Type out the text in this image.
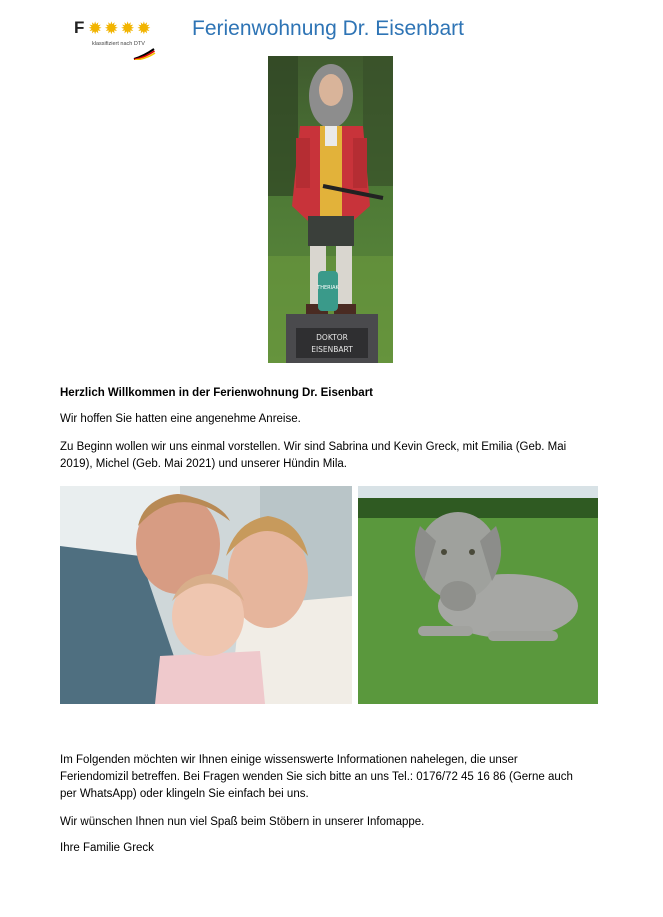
F ✹✹✹✹
klassifiziert nach DTV
Ferienwohnung Dr. Eisenbart
THERIAK
DOKTOR
EISENBART
Herzlich Willkommen in der Ferienwohnung Dr. Eisenbart
Wir hoffen Sie hatten eine angenehme Anreise.
Zu Beginn wollen wir uns einmal vorstellen. Wir sind Sabrina und Kevin Greck, mit Emilia (Geb. Mai
2019), Michel (Geb. Mai 2021) und unserer Hündin Mila.
Im Folgenden möchten wir Ihnen einige wissenswerte Informationen nahelegen, die unser
Feriendomizil betreffen. Bei Fragen wenden Sie sich bitte an uns Tel.: 0176/72 45 16 86 (Gerne auch
per WhatsApp) oder klingeln Sie einfach bei uns.
Wir wünschen Ihnen nun viel Spaß beim Stöbern in unserer Infomappe.
Ihre Familie Greck
